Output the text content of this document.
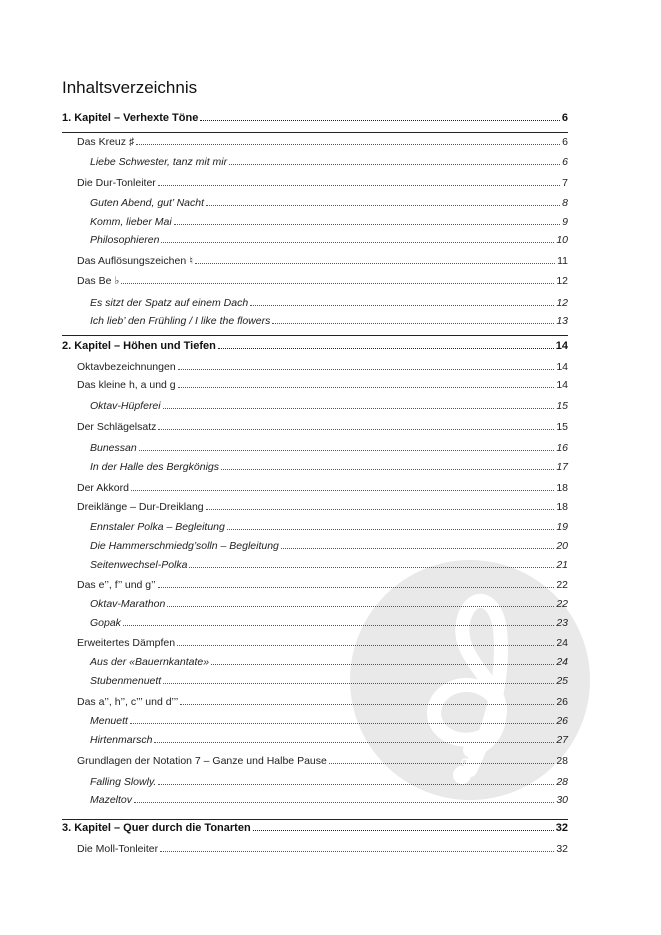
BOLETO
Inhaltsverzeichnis
1. Kapitel – Verhexte Töne	6
Das Kreuz ♯	6
Liebe Schwester, tanz mit mir	6
Die Dur-Tonleiter	7
Guten Abend, gut’ Nacht	8
Komm, lieber Mai	9
Philosophieren	10
Das Auflösungszeichen ♮	11
Das Be ♭	12
Es sitzt der Spatz auf einem Dach	12
Ich lieb’ den Frühling / I like the flowers	13
2. Kapitel – Höhen und Tiefen	14
Oktavbezeichnungen	14
Das kleine h, a und g	14
Oktav-Hüpferei	15
Der Schlägelsatz	15
Bunessan	16
In der Halle des Bergkönigs	17
Der Akkord	18
Dreiklänge – Dur-Dreiklang	18
Ennstaler Polka – Begleitung	19
Die Hammerschmiedg’solln – Begleitung	20
Seitenwechsel-Polka	21
Das e’’, f’’ und g’’	22
Oktav-Marathon	22
Gopak	23
Erweitertes Dämpfen	24
Aus der «Bauernkantate»	24
Stubenmenuett	25
Das a’’, h’’, c’’’ und d’’’	26
Menuett	26
Hirtenmarsch	27
Grundlagen der Notation 7 – Ganze und Halbe Pause	28
Falling Slowly.	28
Mazeltov	30
3. Kapitel – Quer durch die Tonarten	32
Die Moll-Tonleiter	32
